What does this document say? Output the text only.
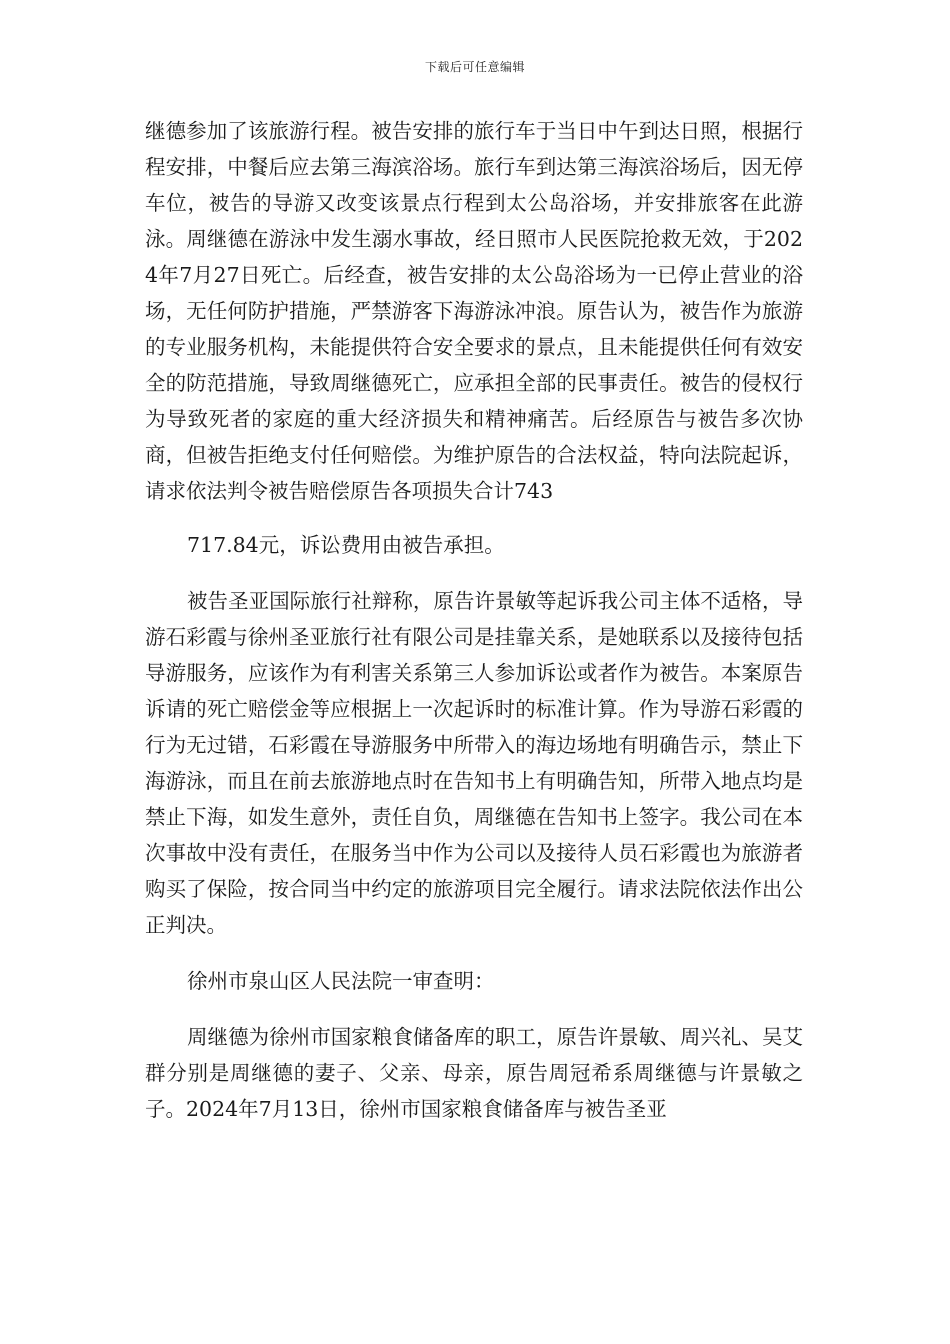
下载后可任意编辑

继德参加了该旅游行程。被告安排的旅行车于当日中午到达日照，根据行程安排，中餐后应去第三海滨浴场。旅行车到达第三海滨浴场后，因无停车位，被告的导游又改变该景点行程到太公岛浴场，并安排旅客在此游泳。周继德在游泳中发生溺水事故，经日照市人民医院抢救无效，于2024年7月27日死亡。后经查，被告安排的太公岛浴场为一已停止营业的浴场，无任何防护措施，严禁游客下海游泳冲浪。原告认为，被告作为旅游的专业服务机构，未能提供符合安全要求的景点，且未能提供任何有效安全的防范措施，导致周继德死亡，应承担全部的民事责任。被告的侵权行为导致死者的家庭的重大经济损失和精神痛苦。后经原告与被告多次协商，但被告拒绝支付任何赔偿。为维护原告的合法权益，特向法院起诉，请求依法判令被告赔偿原告各项损失合计743

717.84元，诉讼费用由被告承担。

被告圣亚国际旅行社辩称，原告许景敏等起诉我公司主体不适格，导游石彩霞与徐州圣亚旅行社有限公司是挂靠关系，是她联系以及接待包括导游服务，应该作为有利害关系第三人参加诉讼或者作为被告。本案原告诉请的死亡赔偿金等应根据上一次起诉时的标准计算。作为导游石彩霞的行为无过错，石彩霞在导游服务中所带入的海边场地有明确告示，禁止下海游泳，而且在前去旅游地点时在告知书上有明确告知，所带入地点均是禁止下海，如发生意外，责任自负，周继德在告知书上签字。我公司在本次事故中没有责任，在服务当中作为公司以及接待人员石彩霞也为旅游者购买了保险，按合同当中约定的旅游项目完全履行。请求法院依法作出公正判决。

徐州市泉山区人民法院一审查明：

周继德为徐州市国家粮食储备库的职工，原告许景敏、周兴礼、吴艾群分别是周继德的妻子、父亲、母亲，原告周冠希系周继德与许景敏之子。2024年7月13日，徐州市国家粮食储备库与被告圣亚
